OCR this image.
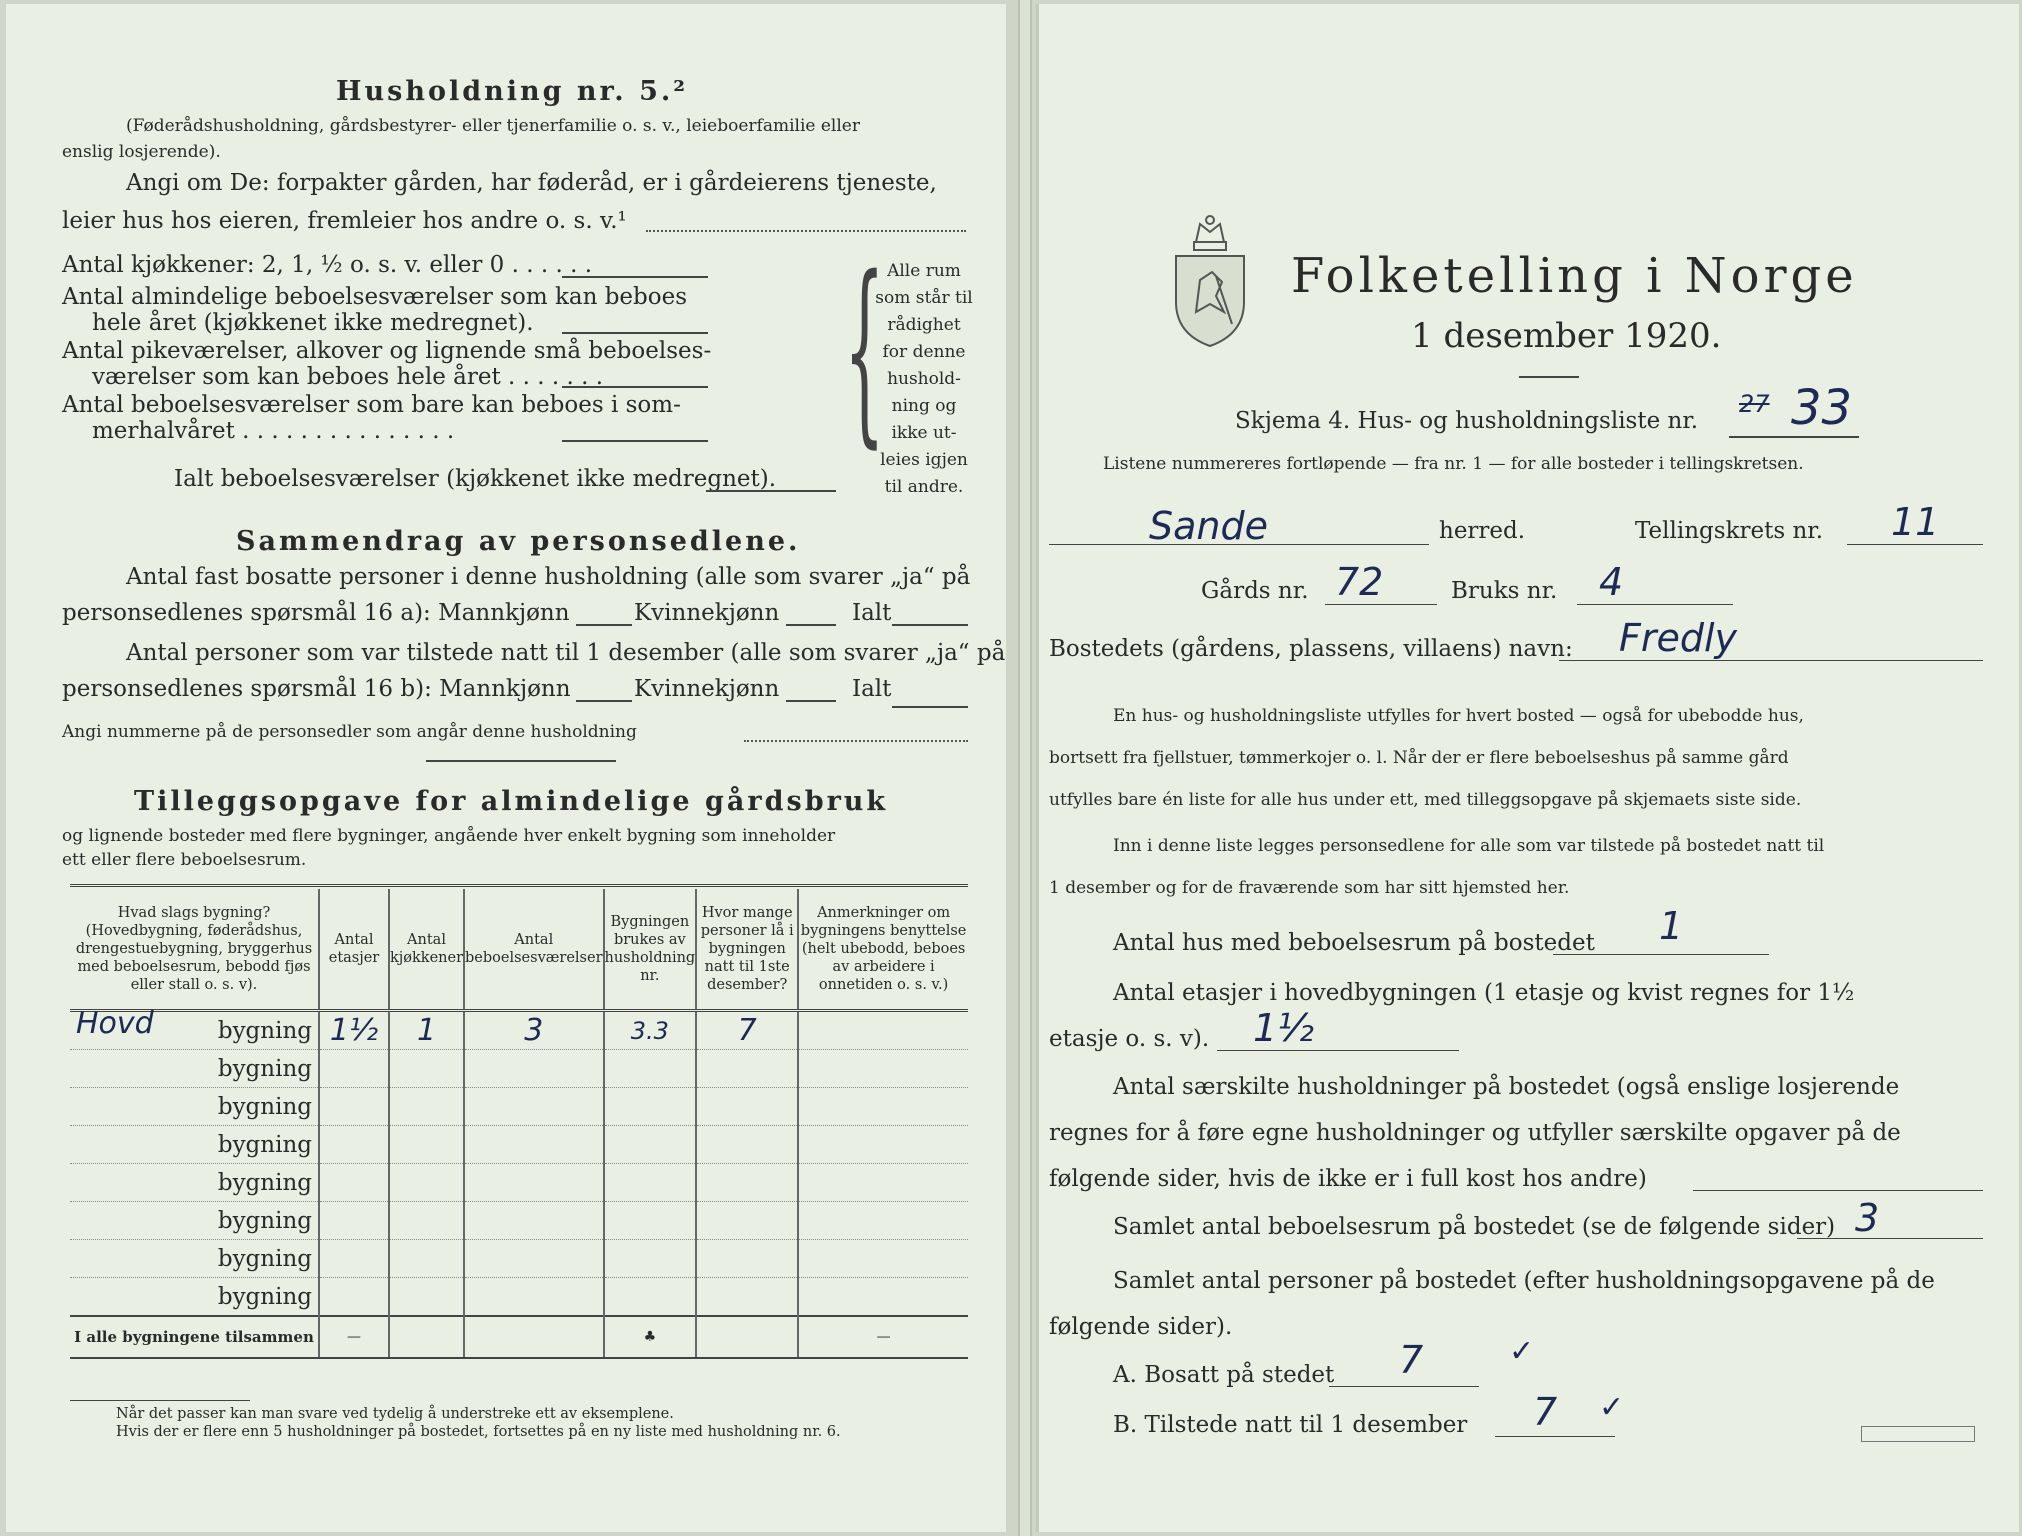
Husholdning nr. 5.²
(Føderådshusholdning, gårdsbestyrer- eller tjenerfamilie o. s. v., leieboerfamilie eller
enslig losjerende).
Angi om De: forpakter gården, har føderåd, er i gårdeierens tjeneste,
leier hus hos eieren, fremleier hos andre o. s. v.¹
Antal kjøkkener: 2, 1, ½ o. s. v. eller 0 . . . . . .
Antal almindelige beboelsesværelser som kan beboes
hele året (kjøkkenet ikke medregnet).
Antal pikeværelser, alkover og lignende små beboelses-
værelser som kan beboes hele året . . . . . . .
Antal beboelsesværelser som bare kan beboes i som-
merhalvåret . . . . . . . . . . . . . . .
Ialt beboelsesværelser (kjøkkenet ikke medregnet).
{ Alle rum
som står til
rådighet
for denne
hushold-
ning og
ikke ut-
leies igjen
til andre.
Sammendrag av personsedlene.
Antal fast bosatte personer i denne husholdning (alle som svarer „ja“ på
personsedlenes spørsmål 16 a): Mannkjønn	Kvinnekjønn	Ialt
Antal personer som var tilstede natt til 1 desember (alle som svarer „ja“ på
personsedlenes spørsmål 16 b): Mannkjønn	Kvinnekjønn	Ialt
Angi nummerne på de personsedler som angår denne husholdning
Tilleggsopgave for almindelige gårdsbruk
og lignende bosteder med flere bygninger, angående hver enkelt bygning som inneholder
ett eller flere beboelsesrum.
Hvad slags bygning? (Hovedbygning, føderådshus, drengestuebygning, bryggerhus med beboelsesrum, bebodd fjøs eller stall o. s. v).	Antal etasjer	Antal kjøkkener	Antal beboelsesværelser	Bygningen brukes av husholdning nr.	Hvor mange personer lå i bygningen natt til 1ste desember?	Anmerkninger om bygningens benyttelse (helt ubebodd, beboes av arbeidere i onnetiden o. s. v.)

Hovd bygning	1½	1	3	3.3	7	
bygning						
bygning						
bygning						
bygning						
bygning						
bygning						
bygning						
I alle bygningene tilsammen	—			♣		—
Når det passer kan man svare ved tydelig å understreke ett av eksemplene.
Hvis der er flere enn 5 husholdninger på bostedet, fortsettes på en ny liste med husholdning nr. 6.
Folketelling i Norge
1 desember 1920.
Skjema 4. Hus- og husholdningsliste nr.
27 33
Listene nummereres fortløpende — fra nr. 1 — for alle bosteder i tellingskretsen.
Sande	herred.	Tellingskrets nr. 11
Gårds nr. 72	Bruks nr. 4
Bostedets (gårdens, plassens, villaens) navn: Fredly
En hus- og husholdningsliste utfylles for hvert bosted — også for ubebodde hus,
bortsett fra fjellstuer, tømmerkojer o. l. Når der er flere beboelseshus på samme gård
utfylles bare én liste for alle hus under ett, med tilleggsopgave på skjemaets siste side.
Inn i denne liste legges personsedlene for alle som var tilstede på bostedet natt til
1 desember og for de fraværende som har sitt hjemsted her.
Antal hus med beboelsesrum på bostedet 1
Antal etasjer i hovedbygningen (1 etasje og kvist regnes for 1½
etasje o. s. v). 1½
Antal særskilte husholdninger på bostedet (også enslige losjerende
regnes for å føre egne husholdninger og utfyller særskilte opgaver på de
følgende sider, hvis de ikke er i full kost hos andre)
Samlet antal beboelsesrum på bostedet (se de følgende sider) 3
Samlet antal personer på bostedet (efter husholdningsopgavene på de
følgende sider).
A. Bosatt på stedet 7	✓
B. Tilstede natt til 1 desember 7 ✓
